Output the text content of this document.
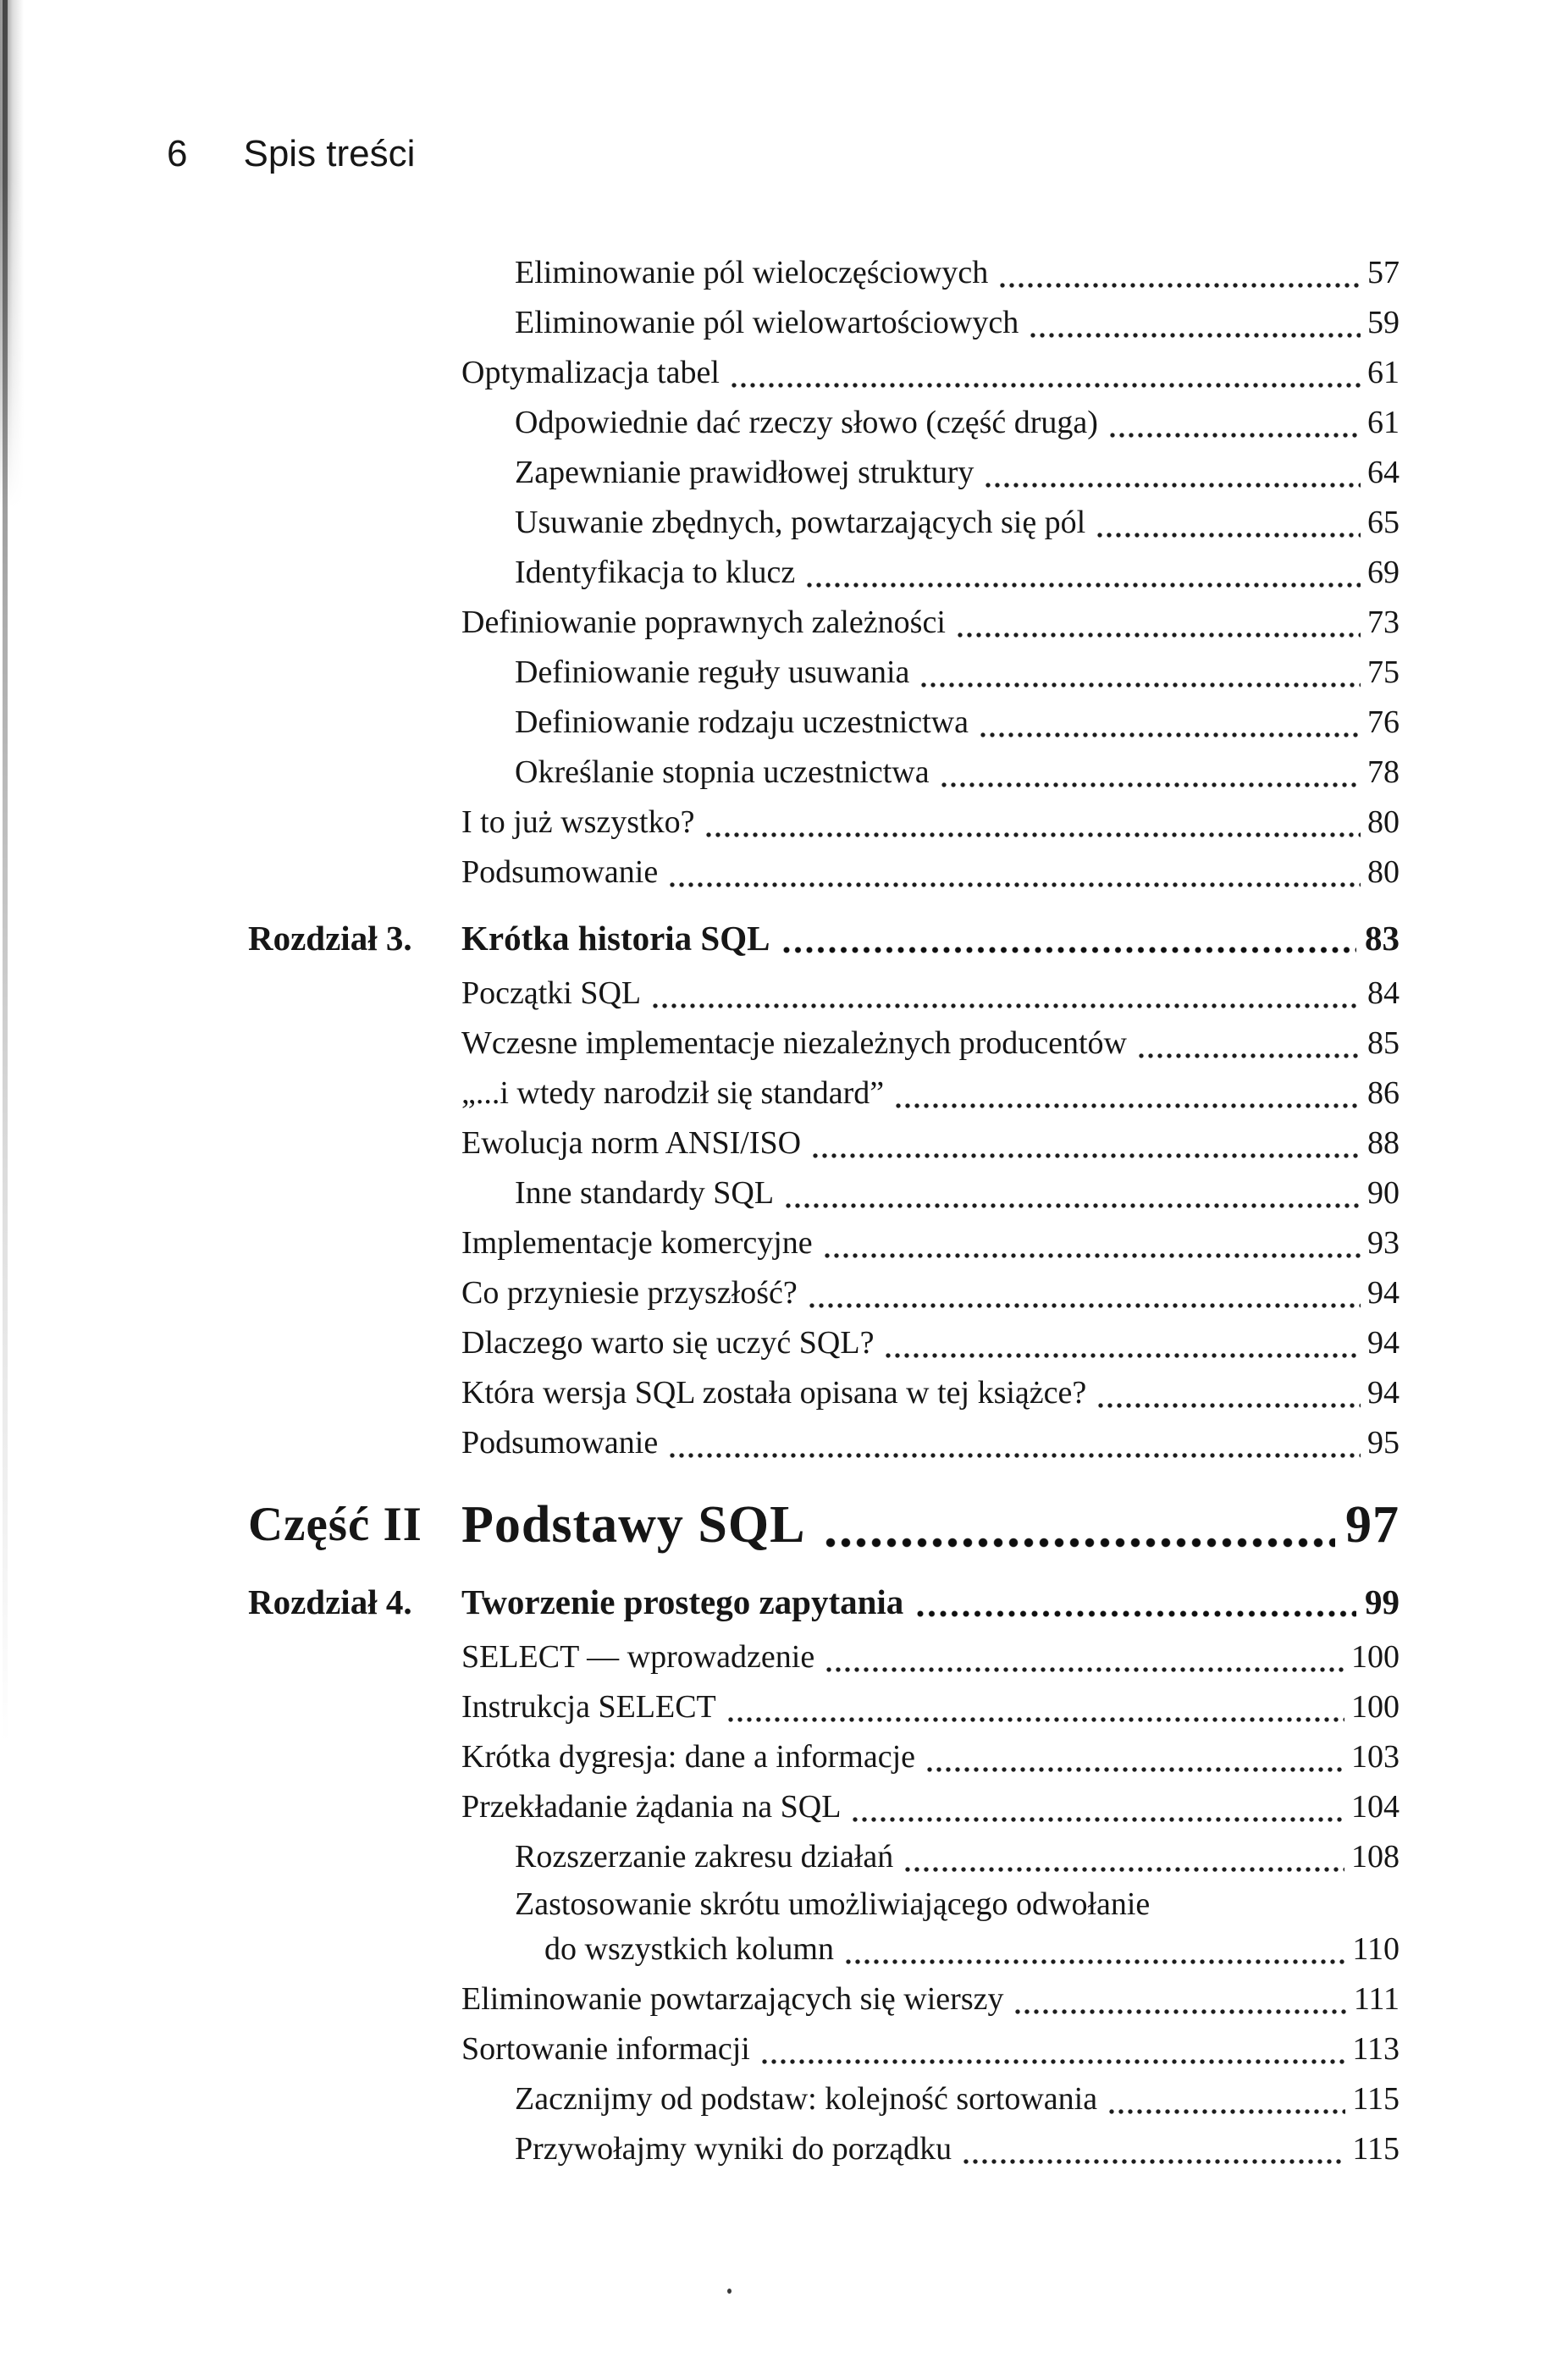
6 Spis treści
Eliminowanie pól wieloczęściowych	57
Eliminowanie pól wielowartościowych	59
Optymalizacja tabel	61
Odpowiednie dać rzeczy słowo (część druga)	61
Zapewnianie prawidłowej struktury	64
Usuwanie zbędnych, powtarzających się pól	65
Identyfikacja to klucz	69
Definiowanie poprawnych zależności	73
Definiowanie reguły usuwania	75
Definiowanie rodzaju uczestnictwa	76
Określanie stopnia uczestnictwa	78
I to już wszystko?	80
Podsumowanie	80
Rozdział 3.	Krótka historia SQL	83
Początki SQL	84
Wczesne implementacje niezależnych producentów	85
„...i wtedy narodził się standard”	86
Ewolucja norm ANSI/ISO	88
Inne standardy SQL	90
Implementacje komercyjne	93
Co przyniesie przyszłość?	94
Dlaczego warto się uczyć SQL?	94
Która wersja SQL została opisana w tej książce?	94
Podsumowanie	95
Część II Podstawy SQL	97
Rozdział 4.	Tworzenie prostego zapytania	99
SELECT — wprowadzenie	100
Instrukcja SELECT	100
Krótka dygresja: dane a informacje	103
Przekładanie żądania na SQL	104
Rozszerzanie zakresu działań	108
Zastosowanie skrótu umożliwiającego odwołanie
do wszystkich kolumn	110
Eliminowanie powtarzających się wierszy	111
Sortowanie informacji	113
Zacznijmy od podstaw: kolejność sortowania	115
Przywołajmy wyniki do porządku	115
